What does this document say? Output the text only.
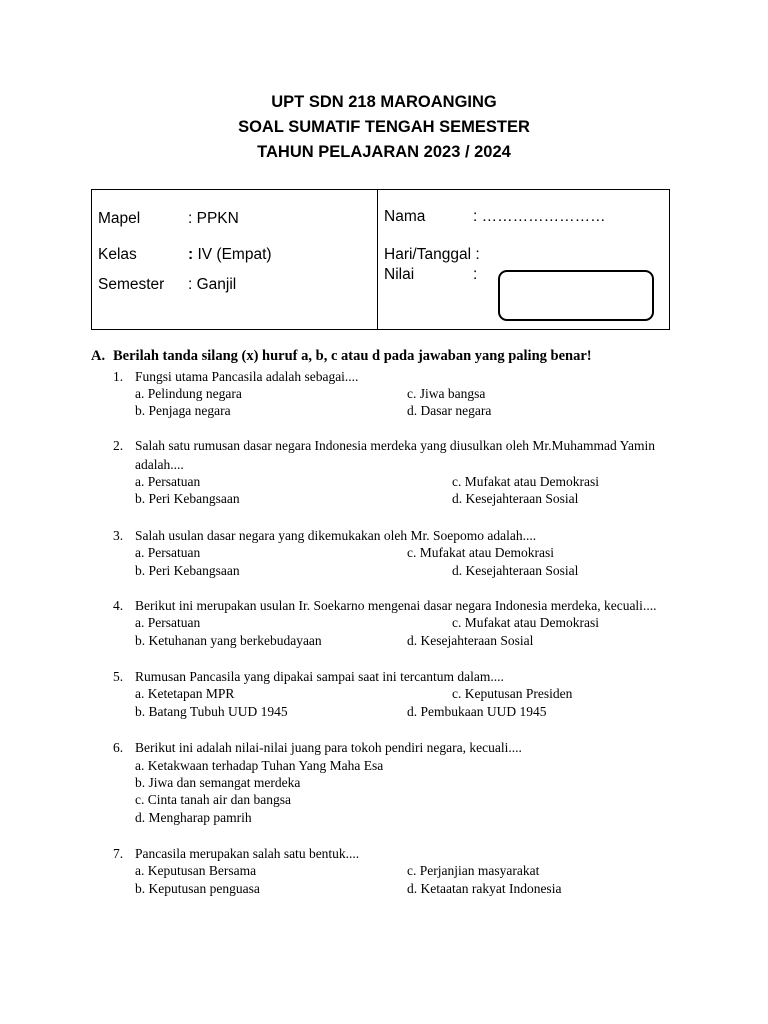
UPT SDN 218 MAROANGING
SOAL SUMATIF TENGAH SEMESTER
TAHUN PELAJARAN 2023 / 2024
Mapel	: PPKN
Kelas	: IV (Empat)
Semester : Ganjil
Nama	: ……………………
Hari/Tanggal :
Nilai	:
A. Berilah tanda silang (x) huruf a, b, c atau d pada jawaban yang paling benar!
1. Fungsi utama Pancasila adalah sebagai....
a. Pelindung negara
b. Penjaga negara
c. Jiwa bangsa
d. Dasar negara
2. Salah satu rumusan dasar negara Indonesia merdeka yang diusulkan oleh Mr.Muhammad Yamin
adalah....
a. Persatuan
b. Peri Kebangsaan
c. Mufakat atau Demokrasi
d. Kesejahteraan Sosial
3. Salah usulan dasar negara yang dikemukakan oleh Mr. Soepomo adalah....
a. Persatuan
b. Peri Kebangsaan
c. Mufakat atau Demokrasi
d. Kesejahteraan Sosial
4. Berikut ini merupakan usulan Ir. Soekarno mengenai dasar negara Indonesia merdeka, kecuali....
a. Persatuan
b. Ketuhanan yang berkebudayaan
c. Mufakat atau Demokrasi
d. Kesejahteraan Sosial
5. Rumusan Pancasila yang dipakai sampai saat ini tercantum dalam....
a. Ketetapan MPR
b. Batang Tubuh UUD 1945
c. Keputusan Presiden
d. Pembukaan UUD 1945
6. Berikut ini adalah nilai-nilai juang para tokoh pendiri negara, kecuali....
a. Ketakwaan terhadap Tuhan Yang Maha Esa
b. Jiwa dan semangat merdeka
c. Cinta tanah air dan bangsa
d. Mengharap pamrih
7. Pancasila merupakan salah satu bentuk....
a. Keputusan Bersama
b. Keputusan penguasa
c. Perjanjian masyarakat
d. Ketaatan rakyat Indonesia
